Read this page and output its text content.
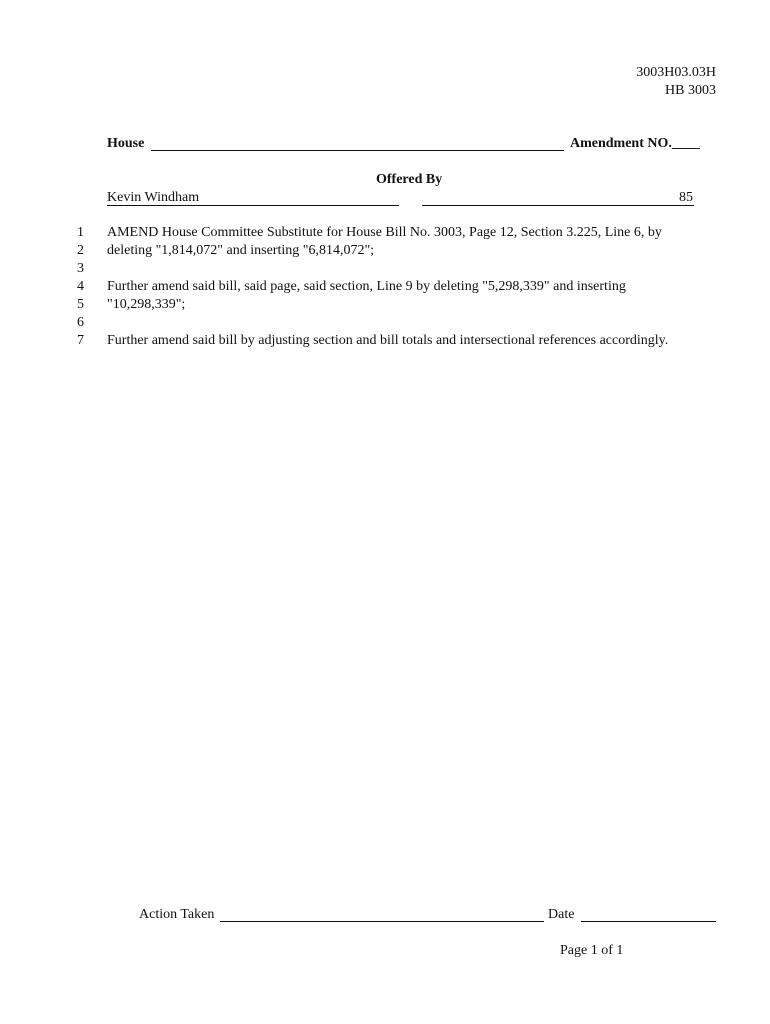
3003H03.03H
HB 3003
House	Amendment NO.____
Offered By
Kevin Windham	85
1
2
3
4
5
6
7
AMEND House Committee Substitute for House Bill No. 3003, Page 12, Section 3.225, Line 6, by
deleting "1,814,072" and inserting "6,814,072";
Further amend said bill, said page, said section, Line 9 by deleting "5,298,339" and inserting
"10,298,339";
Further amend said bill by adjusting section and bill totals and intersectional references accordingly.
Action Taken	Date
Page 1 of 1
